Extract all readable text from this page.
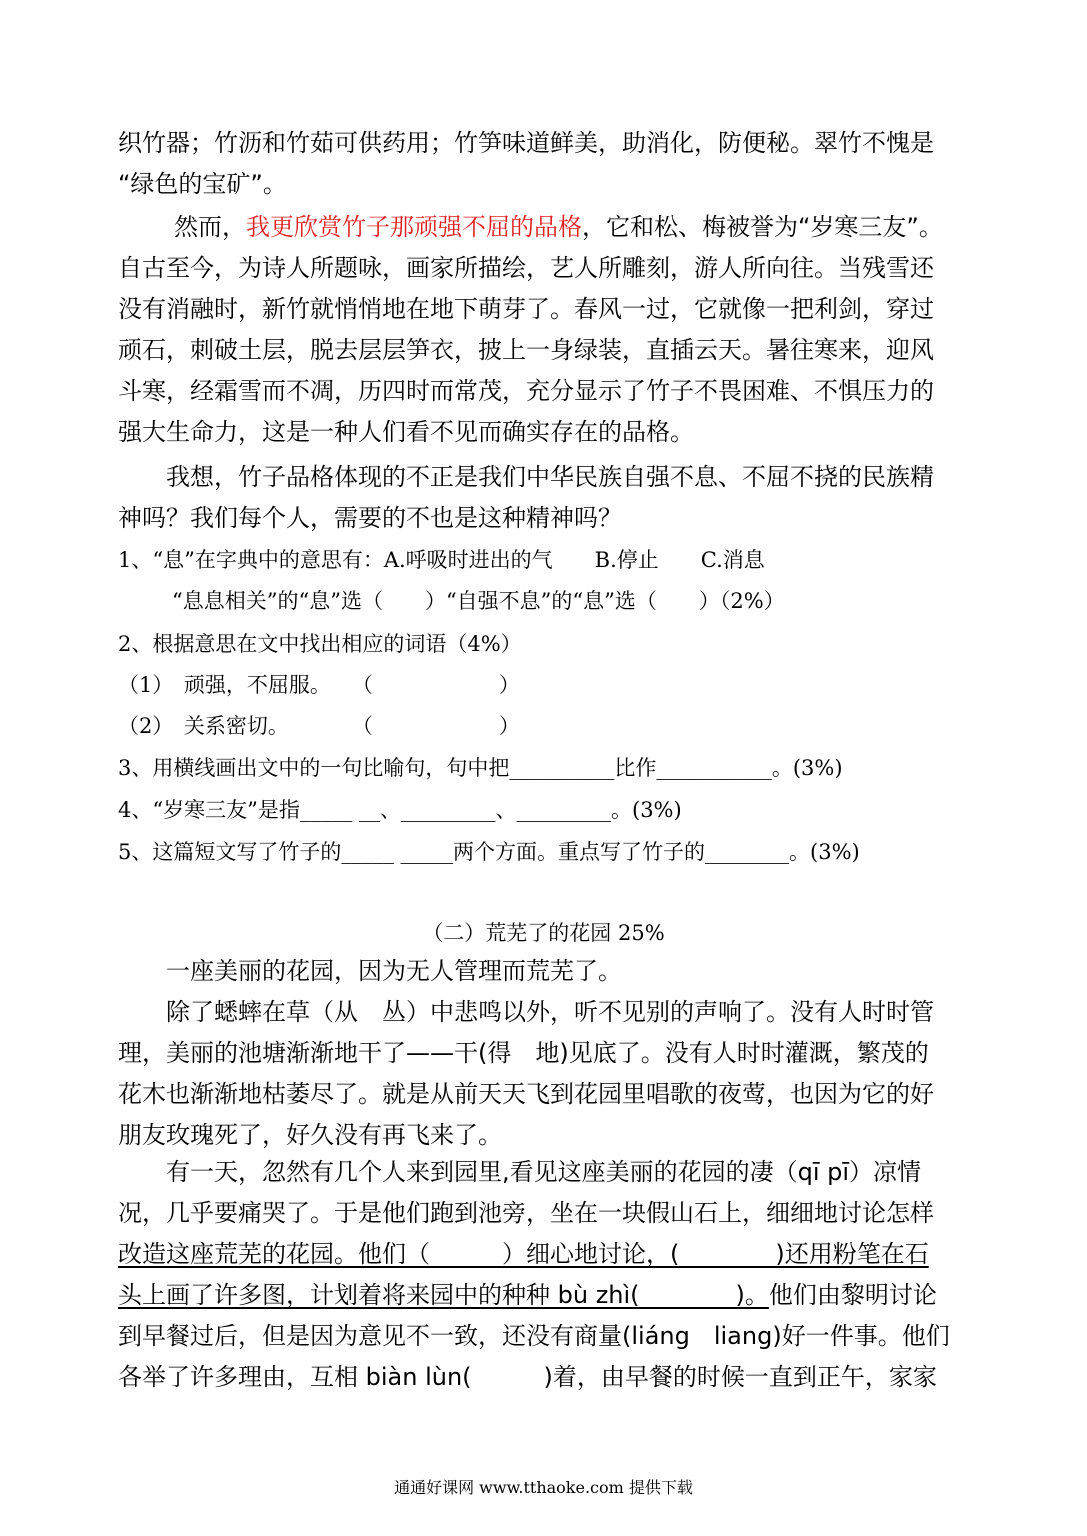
织竹器；竹沥和竹茹可供药用；竹笋味道鲜美，助消化，防便秘。翠竹不愧是
“绿色的宝矿”。
然而，我更欣赏竹子那顽强不屈的品格，它和松、梅被誉为“岁寒三友”。
自古至今，为诗人所题咏，画家所描绘，艺人所雕刻，游人所向往。当残雪还
没有消融时，新竹就悄悄地在地下萌芽了。春风一过，它就像一把利剑，穿过
顽石，刺破土层，脱去层层笋衣，披上一身绿装，直插云天。暑往寒来，迎风
斗寒，经霜雪而不凋，历四时而常茂，充分显示了竹子不畏困难、不惧压力的
强大生命力，这是一种人们看不见而确实存在的品格。
我想，竹子品格体现的不正是我们中华民族自强不息、不屈不挠的民族精
神吗？我们每个人，需要的不也是这种精神吗？
1、“息”在字典中的意思有：A.呼吸时进出的气　　B.停止　　C.消息
“息息相关”的“息”选（　　）“自强不息”的“息”选（　　）（2%）
2、根据意思在文中找出相应的词语（4%）
（1）　顽强，不屈服。　　（　　　　　　）
（2）　关系密切。　　　　（　　　　　　）
3、用横线画出文中的一句比喻句，句中把__________比作___________。(3%)
4、“岁寒三友”是指_____ __、_________、_________。(3%)
5、这篇短文写了竹子的_____ _____两个方面。重点写了竹子的________。(3%)
（二）荒芜了的花园 25%
一座美丽的花园，因为无人管理而荒芜了。
除了蟋蟀在草（从　丛）中悲鸣以外，听不见别的声响了。没有人时时管
理，美丽的池塘渐渐地干了——干(得　地)见底了。没有人时时灌溉，繁茂的
花木也渐渐地枯萎尽了。就是从前天天飞到花园里唱歌的夜莺，也因为它的好
朋友玫瑰死了，好久没有再飞来了。
有一天，忽然有几个人来到园里,看见这座美丽的花园的凄（qī pī）凉情
况，几乎要痛哭了。于是他们跑到池旁，坐在一块假山石上，细细地讨论怎样
改造这座荒芜的花园。他们（　　　）细心地讨论，(　　　　)还用粉笔在石
头上画了许多图，计划着将来园中的种种 bù zhì(　　　　)。他们由黎明讨论
到早餐过后，但是因为意见不一致，还没有商量(liáng　liang)好一件事。他们
各举了许多理由，互相 biàn lùn(　　　)着，由早餐的时候一直到正午，家家
通通好课网 www.tthaoke.com 提供下载
